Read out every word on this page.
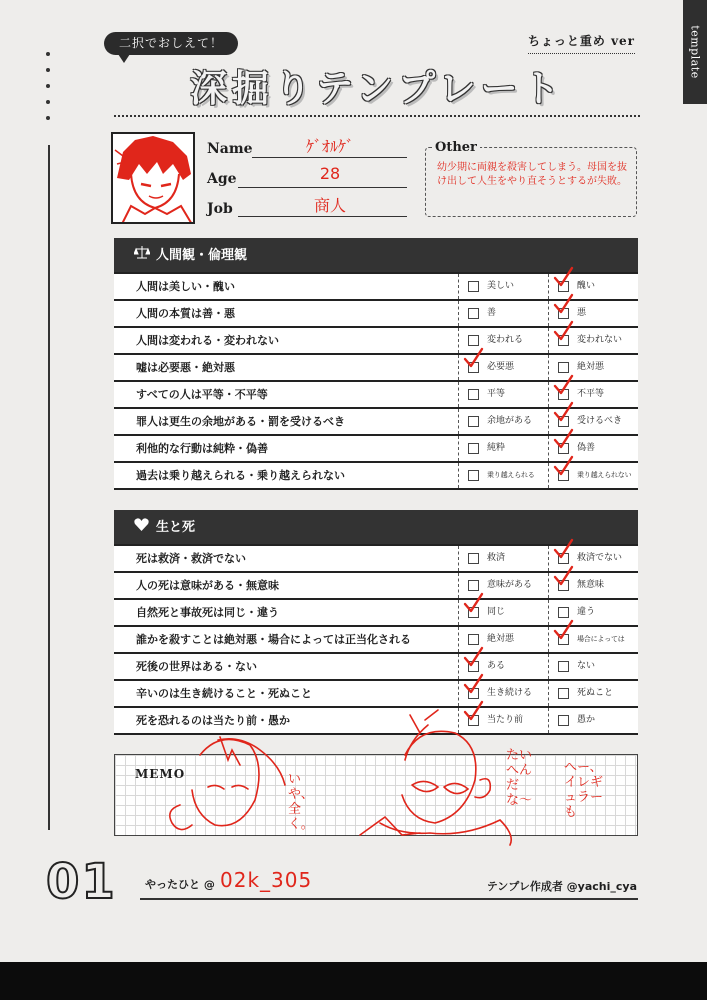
template
二択でおしえて！	ちょっと重め ver
深掘りテンプレート
Name	ｹﾞｵﾙｹﾞ
Age	28
Job	商人
Other
幼少期に両親を殺害してしまう。母国を抜け出して人生をやり直そうとするが失敗。
人間観・倫理観
人間は美しい・醜い	美しい	醜い
人間の本質は善・悪	善	悪
人間は変われる・変われない	変われる	変われない
嘘は必要悪・絶対悪	必要悪	絶対悪
すべての人は平等・不平等	平等	不平等
罪人は更生の余地がある・罰を受けるべき	余地がある	受けるべき
利他的な行動は純粋・偽善	純粋	偽善
過去は乗り越えられる・乗り越えられない	乗り越えられる	乗り越えられない
生と死
死は救済・救済でない	救済	救済でない
人の死は意味がある・無意味	意味がある	無意味
自然死と事故死は同じ・違う	同じ	違う
誰かを殺すことは絶対悪・場合によっては正当化される	絶対悪	場合によっては
死後の世界はある・ない	ある	ない
辛いのは生き続けること・死ぬこと	生き続ける	死ぬこと
死を恐れるのは当たり前・愚か	当たり前	愚か
MEMO	いや、全く。
たいへんだな〜
へー、イレギュラーも
01	やったひと @ 02k_305	テンプレ作成者 @yachi_cya
